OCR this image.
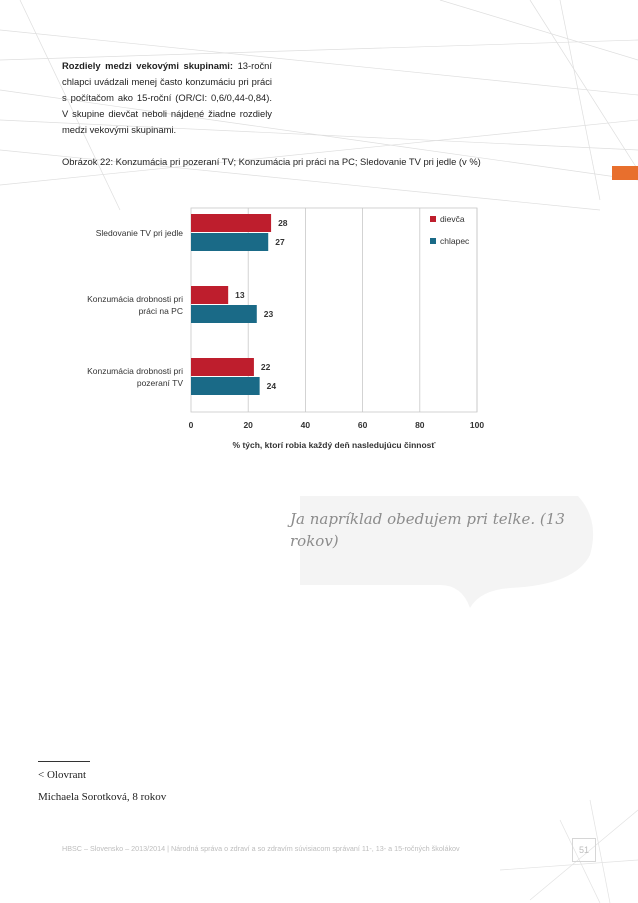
Rozdiely medzi vekovými skupinami: 13-roční chlapci uvádzali menej často konzumáciu pri práci s počítačom ako 15-roční (OR/CI: 0,6/0,44-0,84). V skupine dievčat neboli nájdené žiadne rozdiely medzi vekovými skupinami.
Obrázok 22: Konzumácia pri pozeraní TV; Konzumácia pri práci na PC; Sledovanie TV pri jedle (v %)
0	20	40	60	80	100
% tých, ktorí robia každý deň nasledujúcu činnosť
28
27
Sledovanie TV pri jedle
13
23
Konzumácia drobnosti pri
práci na PC
22
24
Konzumácia drobnosti pri
pozeraní TV
dievča
chlapec
Ja napríklad obedujem pri telke. (13 rokov)
< Olovrant
Michaela Sorotková, 8 rokov
HBSC – Slovensko – 2013/2014 | Národná správa o zdraví a so zdravím súvisiacom správaní 11-, 13- a 15-ročných školákov	51
